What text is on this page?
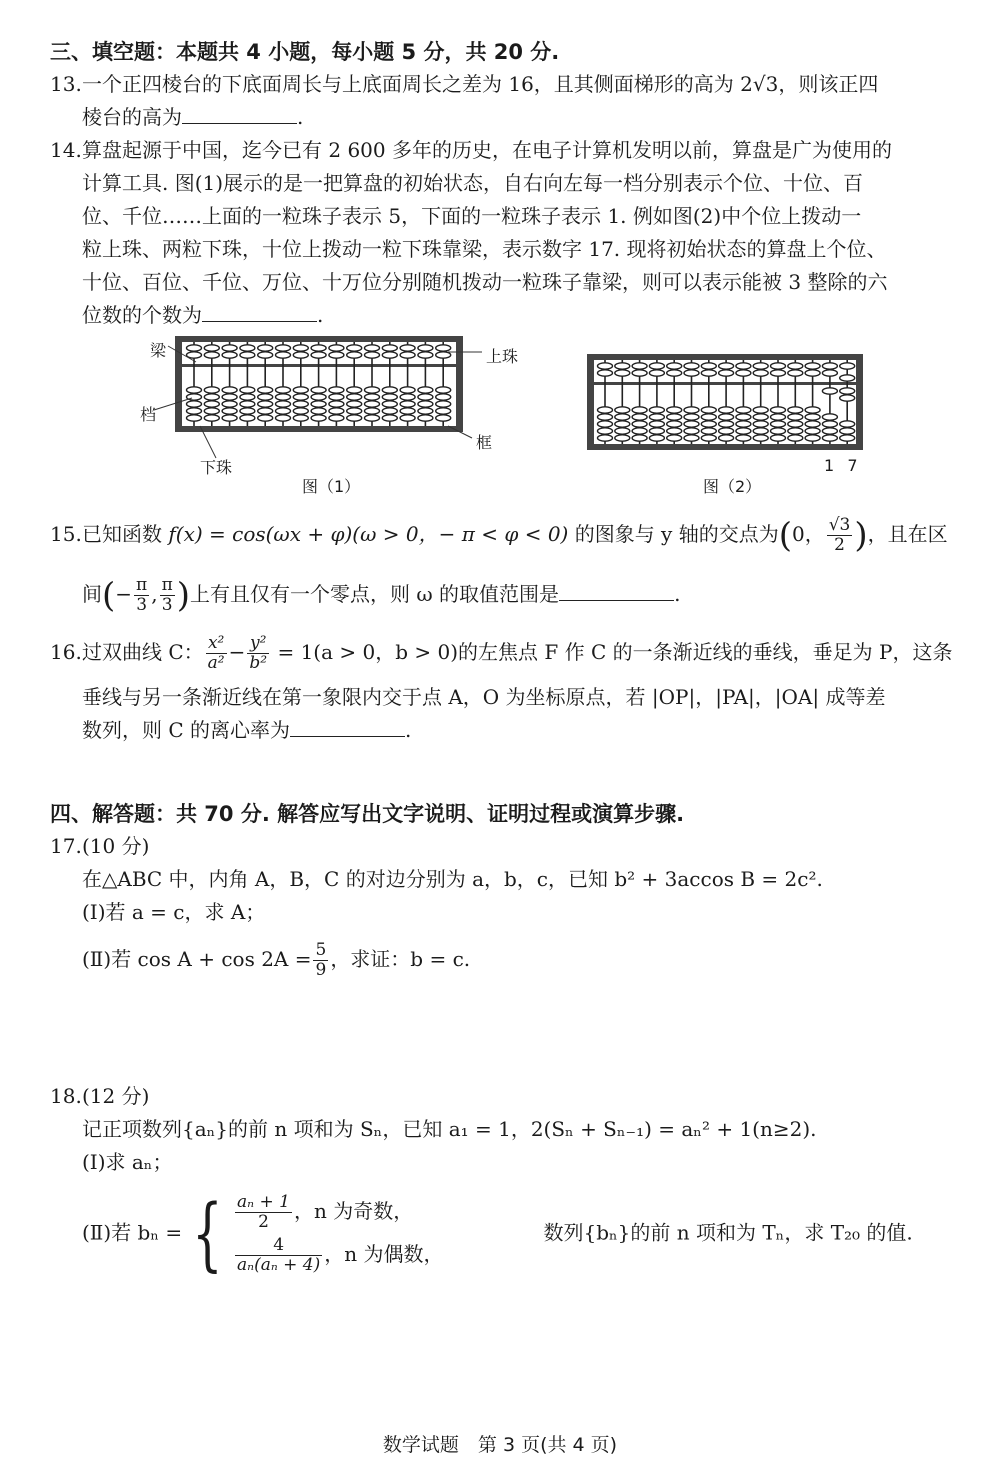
三、填空题：本题共 4 小题，每小题 5 分，共 20 分.
13.一个正四棱台的下底面周长与上底面周长之差为 16，且其侧面梯形的高为 2√3，则该正四
棱台的高为	.
14.算盘起源于中国，迄今已有 2 600 多年的历史，在电子计算机发明以前，算盘是广为使用的
计算工具. 图(1)展示的是一把算盘的初始状态，自右向左每一档分别表示个位、十位、百
位、千位……上面的一粒珠子表示 5，下面的一粒珠子表示 1. 例如图(2)中个位上拨动一
粒上珠、两粒下珠，十位上拨动一粒下珠靠梁，表示数字 17. 现将初始状态的算盘上个位、
十位、百位、千位、万位、十万位分别随机拨动一粒珠子靠梁，则可以表示能被 3 整除的六
位数的个数为	.
梁
档
上珠
下珠
框
图（1）
1  7
图（2）
15.已知函数 f(x) = cos(ωx + φ)(ω > 0，− π < φ < 0) 的图象与 y 轴的交点为(0， $\frac{√3}{2}$ )，且在区
间(− $\frac{\pi}{3}$ , $\frac{\pi}{3}$ )上有且仅有一个零点，则 ω 的取值范围是	.
16.过双曲线 C： $\frac{\text{x²}}{\text{a²}} - \frac{\text{y²}}{\text{b²}} = 1(a > 0$，b > 0)的左焦点 F 作 C 的一条渐近线的垂线，垂足为 P，这条
垂线与另一条渐近线在第一象限内交于点 A，O 为坐标原点，若 |OP|，|PA|，|OA| 成等差
数列，则 C 的离心率为	.
四、解答题：共 70 分. 解答应写出文字说明、证明过程或演算步骤.
17.(10 分)
在△ABC 中，内角 A，B，C 的对边分别为 a，b，c，已知 b² + 3accos B = 2c².
(Ⅰ)若 a = c，求 A；
(Ⅱ)若 $\cos A + \cos 2A = \frac{5}{9}$ ，求证：b = c.
18.(12 分)
记正项数列{aₙ}的前 n 项和为 Sₙ，已知 a₁ = 1，2(Sₙ + Sₙ₋₁) = aₙ² + 1(n≥2).
(Ⅰ)求 aₙ；
(Ⅱ)若 bₙ = { $\frac{\text{aₙ + 1}}{2}$ ，n 为奇数，
$\frac{4}{\text{aₙ(aₙ + 4)}}$ ，n 为偶数，
数列{bₙ}的前 n 项和为 Tₙ，求 T₂₀ 的值.
数学试题　第 3 页(共 4 页)
